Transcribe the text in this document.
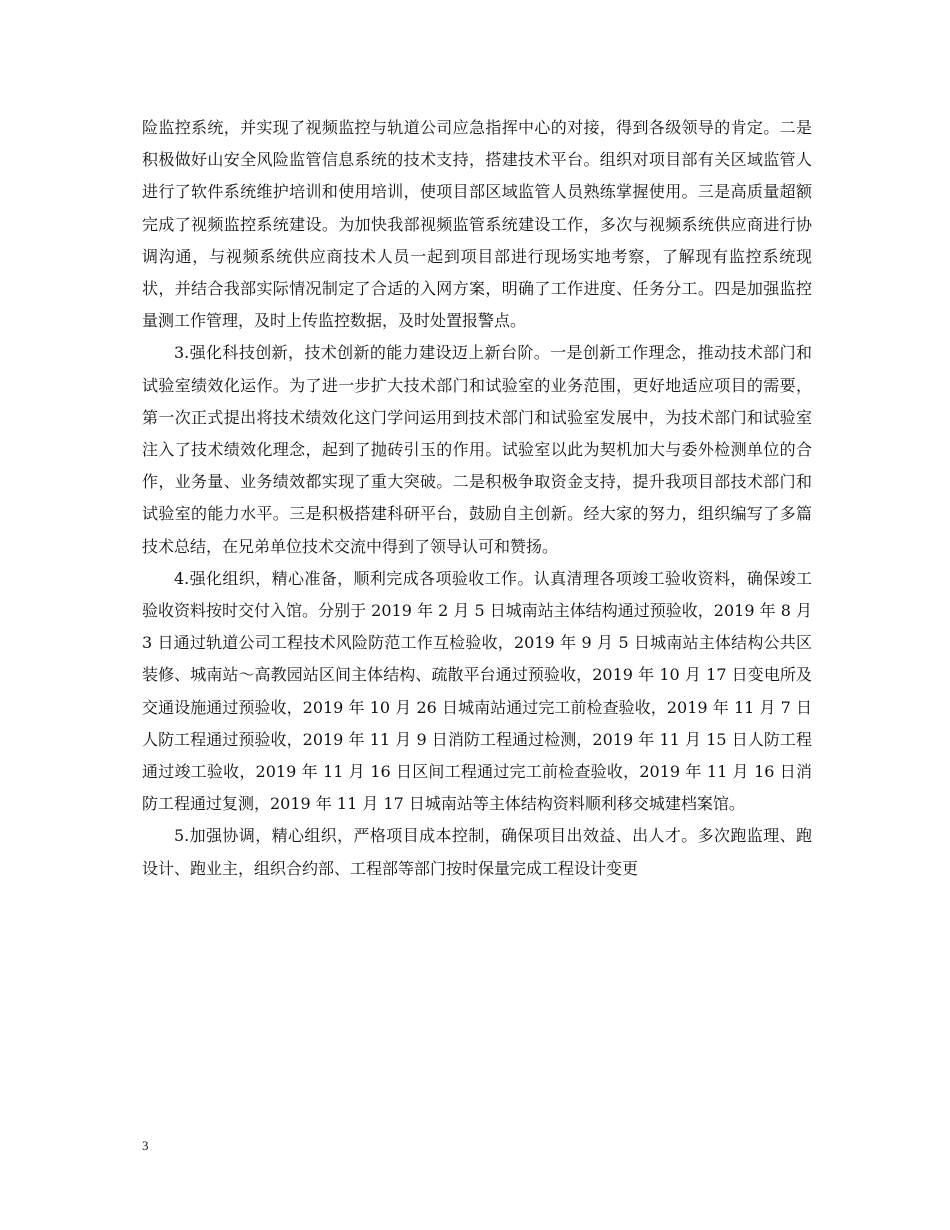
险监控系统，并实现了视频监控与轨道公司应急指挥中心的对接，得到各级领导的肯定。二是积极做好山安全风险监管信息系统的技术支持，搭建技术平台。组织对项目部有关区域监管人进行了软件系统维护培训和使用培训，使项目部区域监管人员熟练掌握使用。三是高质量超额完成了视频监控系统建设。为加快我部视频监管系统建设工作，多次与视频系统供应商进行协调沟通，与视频系统供应商技术人员一起到项目部进行现场实地考察，了解现有监控系统现状，并结合我部实际情况制定了合适的入网方案，明确了工作进度、任务分工。四是加强监控量测工作管理，及时上传监控数据，及时处置报警点。

3.强化科技创新，技术创新的能力建设迈上新台阶。一是创新工作理念，推动技术部门和试验室绩效化运作。为了进一步扩大技术部门和试验室的业务范围，更好地适应项目的需要，第一次正式提出将技术绩效化这门学问运用到技术部门和试验室发展中，为技术部门和试验室注入了技术绩效化理念，起到了抛砖引玉的作用。试验室以此为契机加大与委外检测单位的合作，业务量、业务绩效都实现了重大突破。二是积极争取资金支持，提升我项目部技术部门和试验室的能力水平。三是积极搭建科研平台，鼓励自主创新。经大家的努力，组织编写了多篇技术总结，在兄弟单位技术交流中得到了领导认可和赞扬。

4.强化组织，精心准备，顺利完成各项验收工作。认真清理各项竣工验收资料，确保竣工验收资料按时交付入馆。分别于 2019 年 2 月 5 日城南站主体结构通过预验收，2019 年 8 月 3 日通过轨道公司工程技术风险防范工作互检验收，2019 年 9 月 5 日城南站主体结构公共区装修、城南站～高教园站区间主体结构、疏散平台通过预验收，2019 年 10 月 17 日变电所及交通设施通过预验收，2019 年 10 月 26 日城南站通过完工前检查验收，2019 年 11 月 7 日人防工程通过预验收，2019 年 11 月 9 日消防工程通过检测，2019 年 11 月 15 日人防工程通过竣工验收，2019 年 11 月 16 日区间工程通过完工前检查验收，2019 年 11 月 16 日消防工程通过复测，2019 年 11 月 17 日城南站等主体结构资料顺利移交城建档案馆。

5.加强协调，精心组织，严格项目成本控制，确保项目出效益、出人才。多次跑监理、跑设计、跑业主，组织合约部、工程部等部门按时保量完成工程设计变更

3
